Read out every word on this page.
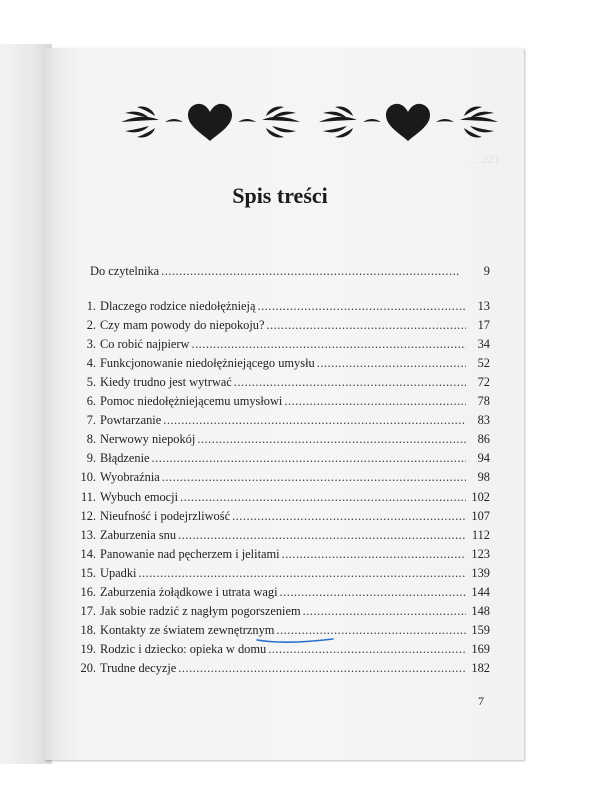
....221
Spis treści
Do czytelnika .....	9
1. Dlaczego rodzice niedołężnieją .....	13
2. Czy mam powody do niepokoju? .....	17
3. Co robić najpierw .....	34
4. Funkcjonowanie niedołężniejącego umysłu .....	52
5. Kiedy trudno jest wytrwać .....	72
6. Pomoc niedołężniejącemu umysłowi .....	78
7. Powtarzanie .....	83
8. Nerwowy niepokój .....	86
9. Błądzenie .....	94
10. Wyobraźnia .....	98
11. Wybuch emocji .....	102
12. Nieufność i podejrzliwość .....	107
13. Zaburzenia snu .....	112
14. Panowanie nad pęcherzem i jelitami .....	123
15. Upadki .....	139
16. Zaburzenia żołądkowe i utrata wagi .....	144
17. Jak sobie radzić z nagłym pogorszeniem .....	148
18. Kontakty ze światem zewnętrznym .....	159
19. Rodzic i dziecko: opieka w domu .....	169
20. Trudne decyzje .....	182
7
